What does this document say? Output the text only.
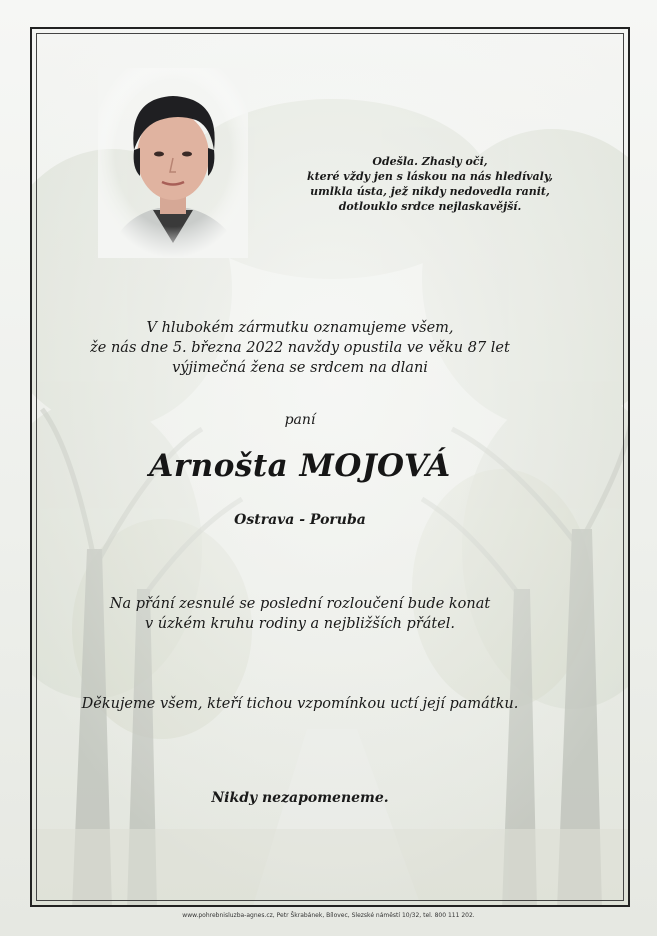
Odešla. Zhasly oči,
které vždy jen s láskou na nás hledívaly,
umlkla ústa, jež nikdy nedovedla ranit,
dotlouklo srdce nejlaskavější.
V hlubokém zármutku oznamujeme všem,
že nás dne 5. března 2022 navždy opustila ve věku 87 let
výjimečná žena se srdcem na dlani
paní
Arnošta MOJOVÁ
Ostrava - Poruba
Na přání zesnulé se poslední rozloučení bude konat
v úzkém kruhu rodiny a nejbližších přátel.
Děkujeme všem, kteří tichou vzpomínkou uctí její památku.
Nikdy nezapomeneme.
www.pohrebnisluzba-agnes.cz, Petr Škrabánek, Bílovec, Slezské náměstí 10/32, tel. 800 111 202.
